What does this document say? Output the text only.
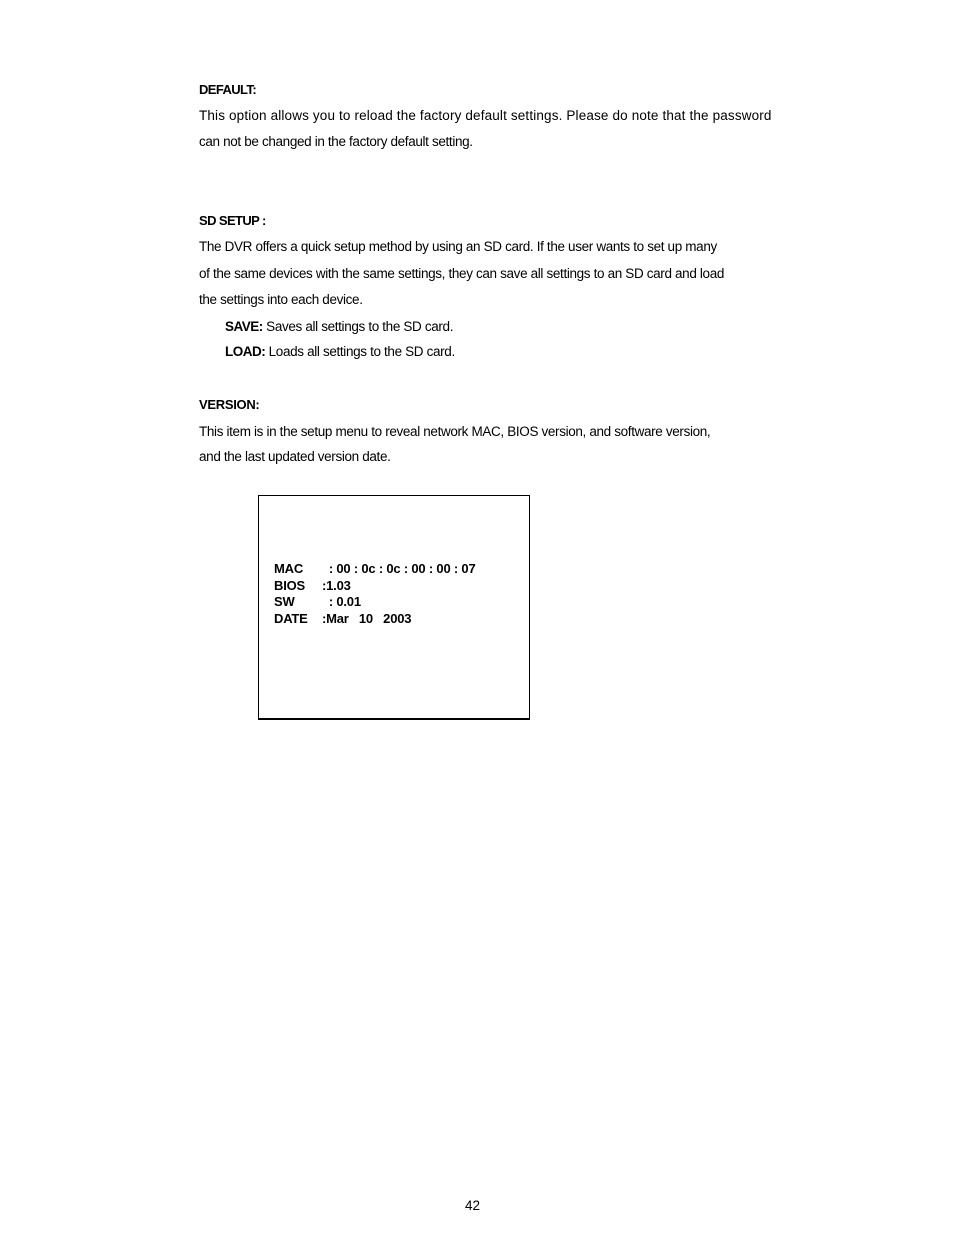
DEFAULT:

This option allows you to reload the factory default settings. Please do note that the password

can not be changed in the factory default setting.

SD SETUP :

The DVR offers a quick setup method by using an SD card. If the user wants to set up many

of the same devices with the same settings, they can save all settings to an SD card and load

the settings into each device.

SAVE: Saves all settings to the SD card.

LOAD: Loads all settings to the SD card.

VERSION:

This item is in the setup menu to reveal network MAC, BIOS version, and software version,

and the last updated version date.

MAC  : 00 : 0c : 0c : 00 : 00 : 07
BIOS :1.03
SW  : 0.01
DATE :Mar   10   2003
42
